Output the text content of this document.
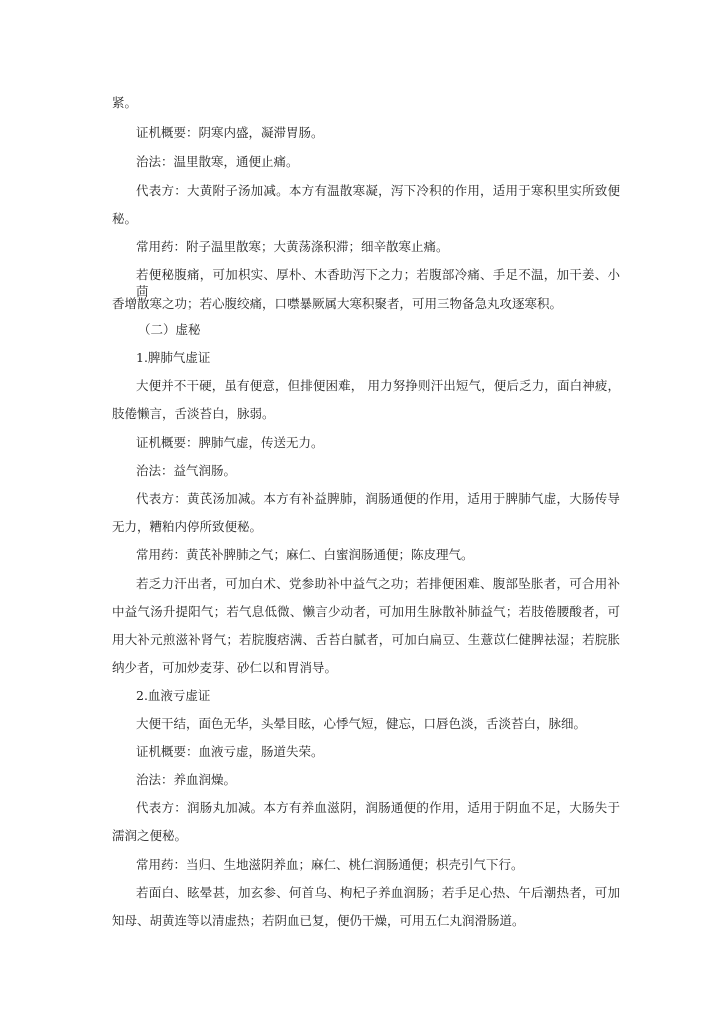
紧。
证机概要：阴寒内盛，凝滞胃肠。
治法：温里散寒，通便止痛。
代表方：大黄附子汤加减。本方有温散寒凝，泻下冷积的作用，适用于寒积里实所致便
秘。
常用药：附子温里散寒；大黄荡涤积滞；细辛散寒止痛。
若便秘腹痛，可加枳实、厚朴、木香助泻下之力；若腹部冷痛、手足不温，加干姜、小茴
香增散寒之功；若心腹绞痛，口噤暴厥属大寒积聚者，可用三物备急丸攻逐寒积。
（二）虚秘
1.脾肺气虚证
大便并不干硬，虽有便意，但排便困难， 用力努挣则汗出短气，便后乏力，面白神疲，
肢倦懒言，舌淡苔白，脉弱。
证机概要：脾肺气虚，传送无力。
治法：益气润肠。
代表方：黄芪汤加减。本方有补益脾肺，润肠通便的作用，适用于脾肺气虚，大肠传导
无力，糟粕内停所致便秘。
常用药：黄芪补脾肺之气；麻仁、白蜜润肠通便；陈皮理气。
若乏力汗出者，可加白术、党参助补中益气之功；若排便困难、腹部坠胀者，可合用补
中益气汤升提阳气；若气息低微、懒言少动者，可加用生脉散补肺益气；若肢倦腰酸者，可
用大补元煎滋补肾气；若脘腹痞满、舌苔白腻者，可加白扁豆、生薏苡仁健脾祛湿；若脘胀
纳少者，可加炒麦芽、砂仁以和胃消导。
2.血液亏虚证
大便干结，面色无华，头晕目眩，心悸气短，健忘，口唇色淡，舌淡苔白，脉细。
证机概要：血液亏虚，肠道失荣。
治法：养血润燥。
代表方：润肠丸加减。本方有养血滋阴，润肠通便的作用，适用于阴血不足，大肠失于
濡润之便秘。
常用药：当归、生地滋阴养血；麻仁、桃仁润肠通便；枳壳引气下行。
若面白、眩晕甚，加玄参、何首乌、枸杞子养血润肠；若手足心热、午后潮热者，可加
知母、胡黄连等以清虚热；若阴血已复，便仍干燥，可用五仁丸润滑肠道。
